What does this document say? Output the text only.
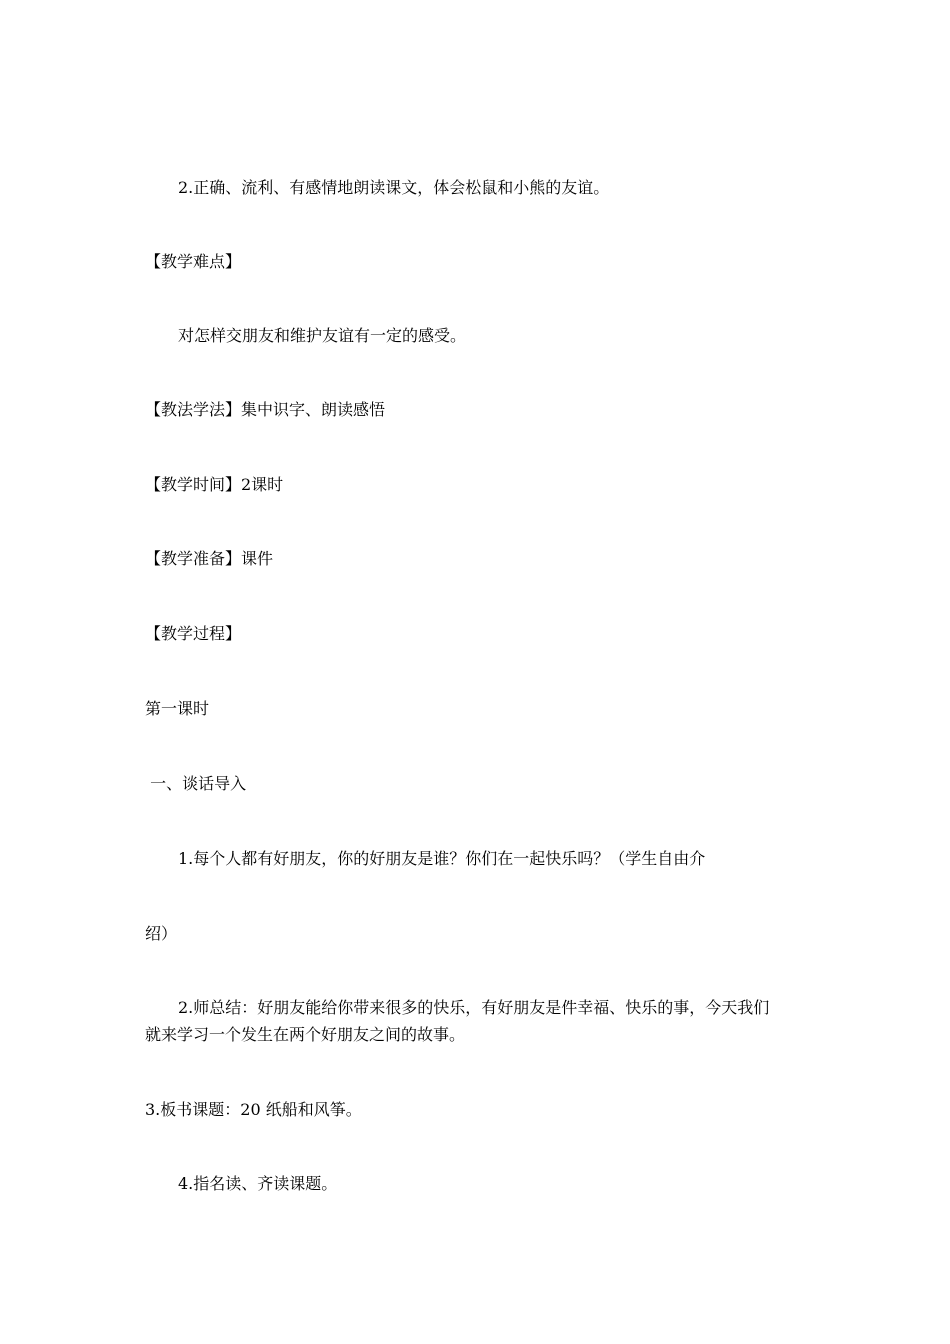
2.正确、流利、有感情地朗读课文，体会松鼠和小熊的友谊。
【教学难点】
对怎样交朋友和维护友谊有一定的感受。
【教法学法】集中识字、朗读感悟
【教学时间】2课时
【教学准备】课件
【教学过程】
第一课时
一、谈话导入
1.每个人都有好朋友，你的好朋友是谁？你们在一起快乐吗？（学生自由介
绍）
2.师总结：好朋友能给你带来很多的快乐，有好朋友是件幸福、快乐的事，今天我们
就来学习一个发生在两个好朋友之间的故事。
3.板书课题：20 纸船和风筝。
4.指名读、齐读课题。
